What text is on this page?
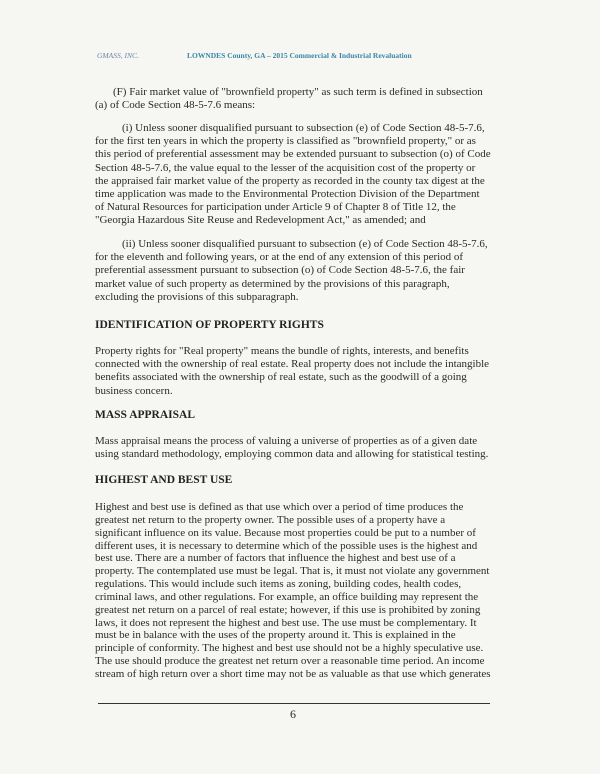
GMASS, INC.	LOWNDES County, GA – 2015 Commercial & Industrial Revaluation
(F) Fair market value of "brownfield property" as such term is defined in subsection
(a) of Code Section 48-5-7.6 means:
(i) Unless sooner disqualified pursuant to subsection (e) of Code Section 48-5-7.6,
for the first ten years in which the property is classified as "brownfield property," or as
this period of preferential assessment may be extended pursuant to subsection (o) of Code
Section 48-5-7.6, the value equal to the lesser of the acquisition cost of the property or
the appraised fair market value of the property as recorded in the county tax digest at the
time application was made to the Environmental Protection Division of the Department
of Natural Resources for participation under Article 9 of Chapter 8 of Title 12, the
"Georgia Hazardous Site Reuse and Redevelopment Act," as amended; and
(ii) Unless sooner disqualified pursuant to subsection (e) of Code Section 48-5-7.6,
for the eleventh and following years, or at the end of any extension of this period of
preferential assessment pursuant to subsection (o) of Code Section 48-5-7.6, the fair
market value of such property as determined by the provisions of this paragraph,
excluding the provisions of this subparagraph.
IDENTIFICATION OF PROPERTY RIGHTS
Property rights for "Real property" means the bundle of rights, interests, and benefits
connected with the ownership of real estate. Real property does not include the intangible
benefits associated with the ownership of real estate, such as the goodwill of a going
business concern.
MASS APPRAISAL
Mass appraisal means the process of valuing a universe of properties as of a given date
using standard methodology, employing common data and allowing for statistical testing.
HIGHEST AND BEST USE
Highest and best use is defined as that use which over a period of time produces the
greatest net return to the property owner. The possible uses of a property have a
significant influence on its value. Because most properties could be put to a number of
different uses, it is necessary to determine which of the possible uses is the highest and
best use. There are a number of factors that influence the highest and best use of a
property. The contemplated use must be legal. That is, it must not violate any government
regulations. This would include such items as zoning, building codes, health codes,
criminal laws, and other regulations. For example, an office building may represent the
greatest net return on a parcel of real estate; however, if this use is prohibited by zoning
laws, it does not represent the highest and best use. The use must be complementary. It
must be in balance with the uses of the property around it. This is explained in the
principle of conformity. The highest and best use should not be a highly speculative use.
The use should produce the greatest net return over a reasonable time period. An income
stream of high return over a short time may not be as valuable as that use which generates
6
